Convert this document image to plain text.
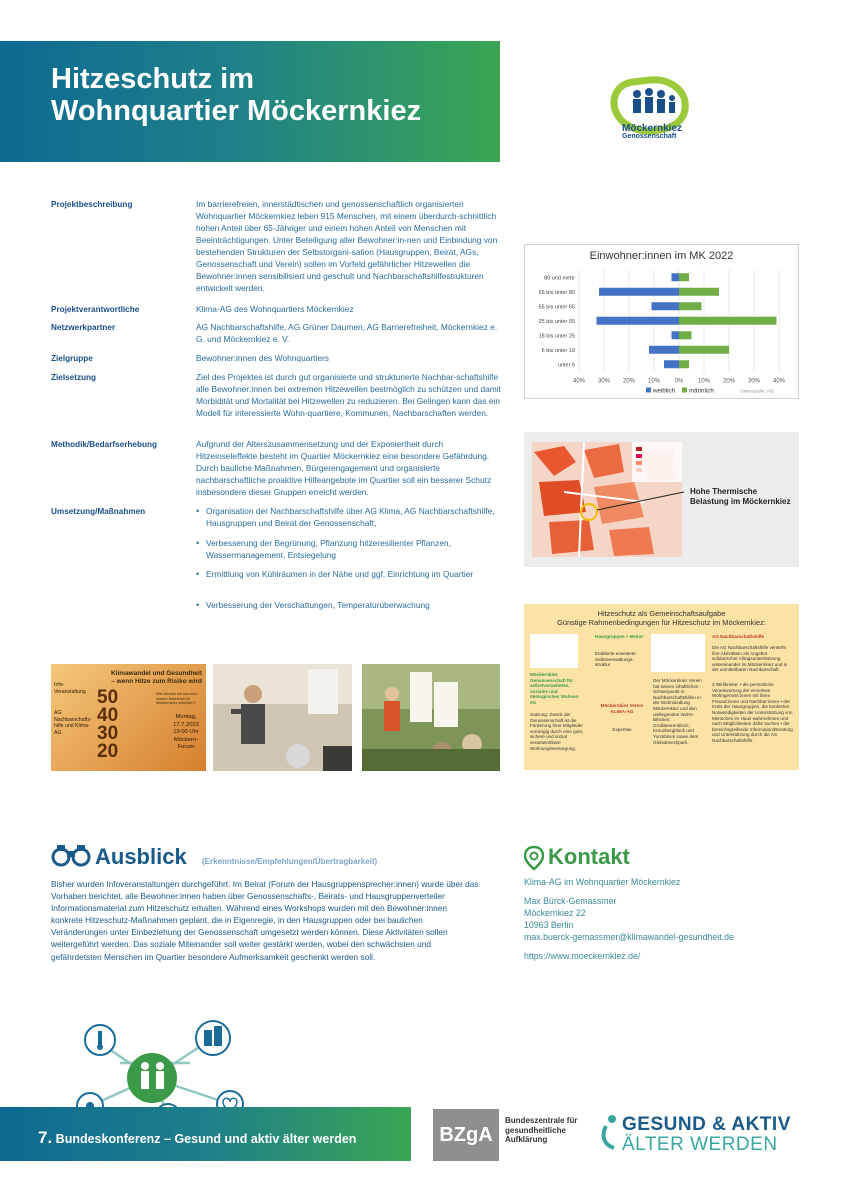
Hitzeschutz im
Wohnquartier Möckernkiez
Möckernkiez
Genossenschaft
Projektbeschreibung	Im barrierefreien, innerstädtischen und genossenschaftlich organisierten Wohnquartier Möckernkiez leben 915 Menschen, mit einem überdurch-schnittlich hohen Anteil über 65-Jähriger und einem hohen Anteil von Menschen mit Beeinträchtigungen. Unter Beteiligung aller Bewohner:in-nen und Einbindung von bestehenden Strukturen der Selbstorgani-sation (Hausgruppen, Beirat, AGs, Genossenschaft und Verein) sollen im Vorfeld gefährlicher Hitzewellen die Bewohner:innen sensibilisiert und geschult und Nachbarschaftshilfestrukturen entwickelt werden.
Projektverantwortliche	Klima-AG des Wohnquartiers Möckernkiez
Netzwerkpartner	AG Nachbarschaftshilfe, AG Grüner Daumen, AG Barrierefreiheit, Möckernkiez e. G. und Möckernkiez e. V.
Zielgruppe	Bewohner:innen des Wohnquartiers
Zielsetzung	Ziel des Projektes ist durch gut organisierte und strukturierte Nachbar-schaftshilfe alle Bewohner:innen bei extremen Hitzewellen bestmöglich zu schützen und damit Morbidität und Mortalität bei Hitzewellen zu reduzieren. Bei Gelingen kann das ein Modell für interessierte Wohn-quartiere, Kommunen, Nachbarschaften werden.
Methodik/Bedarfserhebung	Aufgrund der Alterszusammensetzung und der Exponiertheit durch Hitzeinseleffekte besteht im Quartier Möckernkiez eine besondere Gefährdung. Durch bauliche Maßnahmen, Bürgerengagement und organisierte nachbarschaftliche proaktive Hilfeangebote im Quartier soll ein besserer Schutz insbesondere dieser Gruppen erreicht werden.
Umsetzung/Maßnahmen	• Organisation der Nachbarschaftshilfe über AG Klima, AG Nachbarschaftshilfe, Hausgruppen und Beirat der Genossenschaft,
• Verbesserung der Begrünung, Pflanzung hitzeresilienter Pflanzen, Wassermanagement, Entsiegelung
• Ermittlung von Kühlräumen in der Nähe und ggf. Einrichtung im Quartier
• Verbesserung der Verschattungen, Temperaturüberwachung
Einwohner:innen im MK 2022
40% 30% 20% 10% 0% 10% 20% 30% 40%
80 und mehr
65 bis unter 80
55 bis unter 65
25 bis unter 55
18 bis unter 25
6 bis unter 18
unter 6
weiblich männlich	Datenquelle: AfS
Hohe Thermische
Belastung im Möckernkiez
Hitzeschutz als Gemeinschaftsaufgabe
Günstige Rahmenbedingungen für Hitzeschutz im Möckernkiez:
Möckernkiez Genossenschaft für selbstverwaltetes, soziales und ökologisches Wohnen eG
Satzung: Zweck der Genossenschaft ist die Förderung ihrer Mitglieder vorrangig durch eine gute, sichere und sozial verantwortbare Wohnungsversorgung.
Hausgruppen + Beirat
Etablierte erweiterte Selbstverwaltungs-struktur
Möckernkiez Verein KLIMA-AG
Expertise
Der Möckernkiez Verein hat seinen inhaltlichen Schwerpunkt in Nachbarschaftshilfen in der Wohnsiedlung Möckernkiez und den umliegenden Wohn-Blöcken: Großbeerenblock, Kreuzbergblock und Yorckblock sowie dem Gleisdreieckpark.
AG Nachbarschaftshilfe
Die AG Nachbarschaftshilfe versteht ihre Aktivitäten als Angebot solidarischer Alltagsunterstützung untereinander im Möckernkiez und in der unmittelbaren Nachbarschaft.
3 Wirkkreise: • die persönliche Verantwortung der einzelnen Wohngenoss:innen mit ihren Freund:innen und Nachbar:innen • der Kreis der Hausgruppen, die konkreten Notwendigkeiten der Unterstützung von Menschen im Haus wahrnehmen und nach Möglichkeiten dafür suchen • die bereichsgreifende Information/Beratung und Unterstützung durch die AG Nachbarschaftshilfe.
Klimawandel und Gesundheit – wenn Hitze zum Risiko wird
Wie können wir uns und unsere Nachbarn im Möckernkiez schützen?
Info-Veranstaltung
AG Nachbarschafts-hilfe und Klima-AG
50 40 30 20
Montag, 17.7.2023 19:00 Uhr Möckern-Forum
Ausblick (Erkenntnisse/Empfehlungen/Übertragbarkeit)
Bisher wurden Infoveranstaltungen durchgeführt. Im Beirat (Forum der Hausgruppensprecher:innen) wurde über das Vorhaben berichtet, alle Bewohner:innen haben über Genossenschafts-, Beirats- und Hausgruppenverteiler Informationsmaterial zum Hitzeschutz erhalten. Während eines Workshops wurden mit den Bewohner:innen konkrete Hitzeschutz-Maßnahmen geplant, die in Eigenregie, in den Hausgruppen oder bei baulichen Veränderungen unter Einbeziehung der Genossenschaft umgesetzt werden können. Diese Aktivitäten sollen weitergeführt werden. Das soziale Miteinander soll weiter gestärkt werden, wobei den schwächsten und gefährdetsten Menschen im Quartier besondere Aufmerksamkeit geschenkt werden soll.
Kontakt
Klima-AG im Wohnquartier Möckernkiez
Max Bürck-Gemassmer
Möckernkiez 22
10963 Berlin
max.buerck-gemassmer@klimawandel-gesundheit.de
https://www.moeckernkiez.de/
7. Bundeskonferenz – Gesund und aktiv älter werden	BZgA
Bundeszentrale für gesundheitliche Aufklärung
GESUND & AKTIV
ÄLTER WERDEN
